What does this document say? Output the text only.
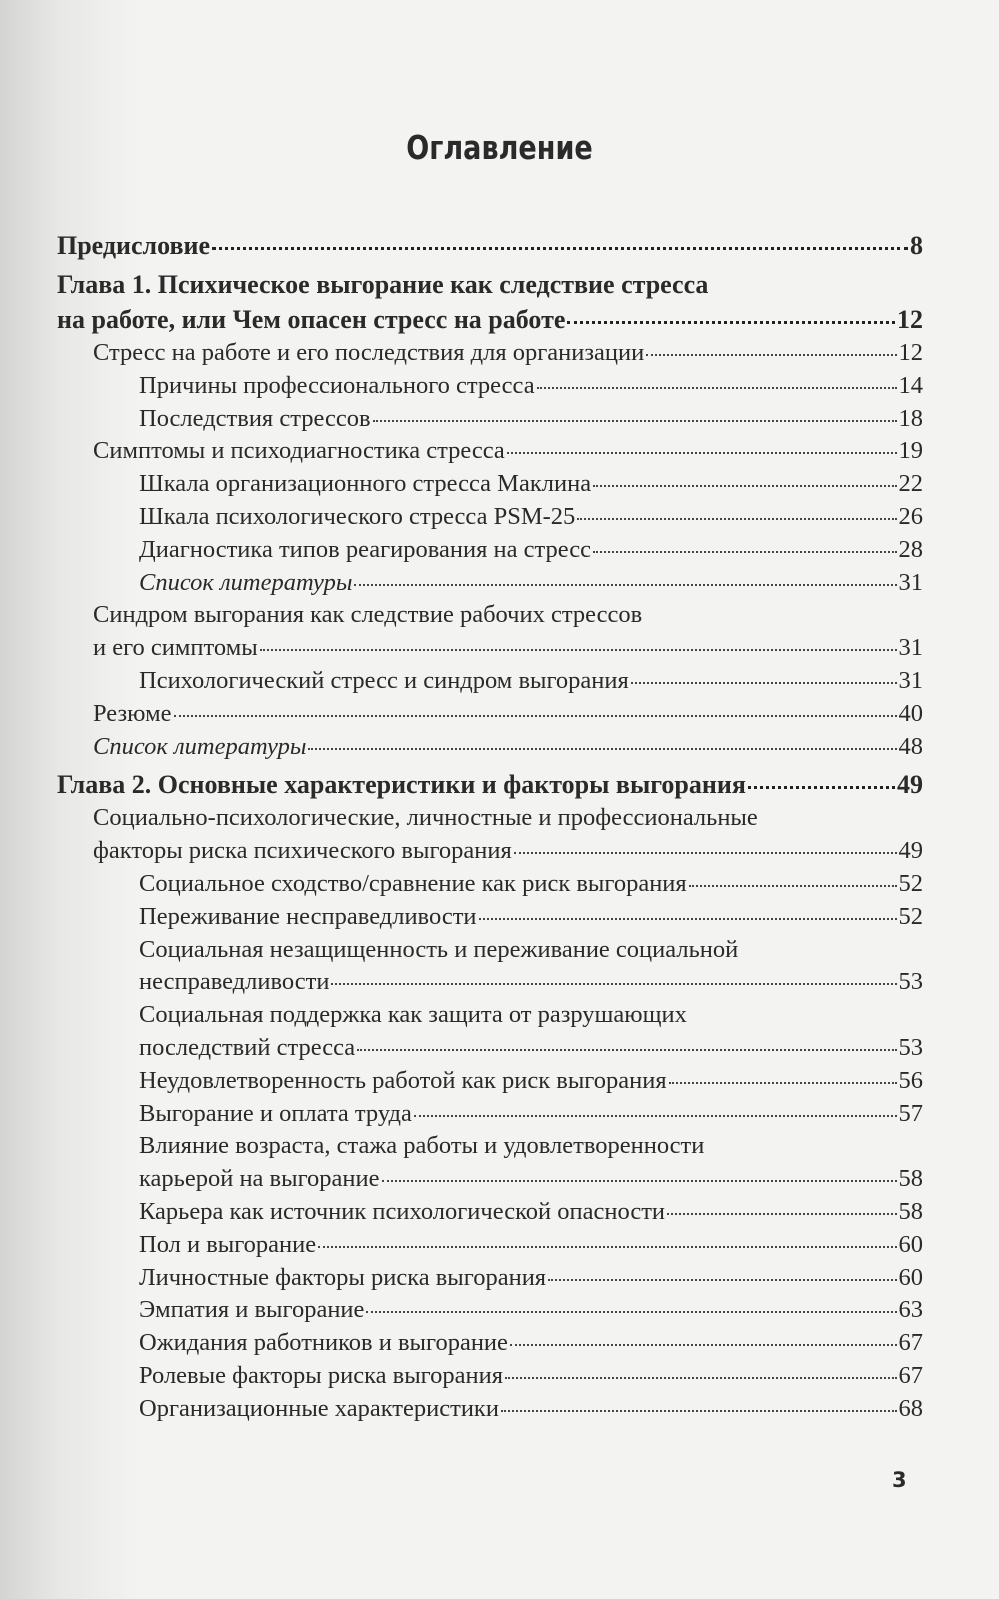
Оглавление
Предисловие	8
Глава 1. Психическое выгорание как следствие стресса
на работе, или Чем опасен стресс на работе	12
Стресс на работе и его последствия для организации	12
Причины профессионального стресса	14
Последствия стрессов	18
Симптомы и психодиагностика стресса	19
Шкала организационного стресса Маклина	22
Шкала психологического стресса PSM-25	26
Диагностика типов реагирования на стресс	28
Список литературы	31
Синдром выгорания как следствие рабочих стрессов
и его симптомы	31
Психологический стресс и синдром выгорания	31
Резюме	40
Список литературы	48
Глава 2. Основные характеристики и факторы выгорания	49
Социально-психологические, личностные и профессиональные
факторы риска психического выгорания	49
Социальное сходство/сравнение как риск выгорания	52
Переживание несправедливости	52
Социальная незащищенность и переживание социальной
несправедливости	53
Социальная поддержка как защита от разрушающих
последствий стресса	53
Неудовлетворенность работой как риск выгорания	56
Выгорание и оплата труда	57
Влияние возраста, стажа работы и удовлетворенности
карьерой на выгорание	58
Карьера как источник психологической опасности	58
Пол и выгорание	60
Личностные факторы риска выгорания	60
Эмпатия и выгорание	63
Ожидания работников и выгорание	67
Ролевые факторы риска выгорания	67
Организационные характеристики	68
3
